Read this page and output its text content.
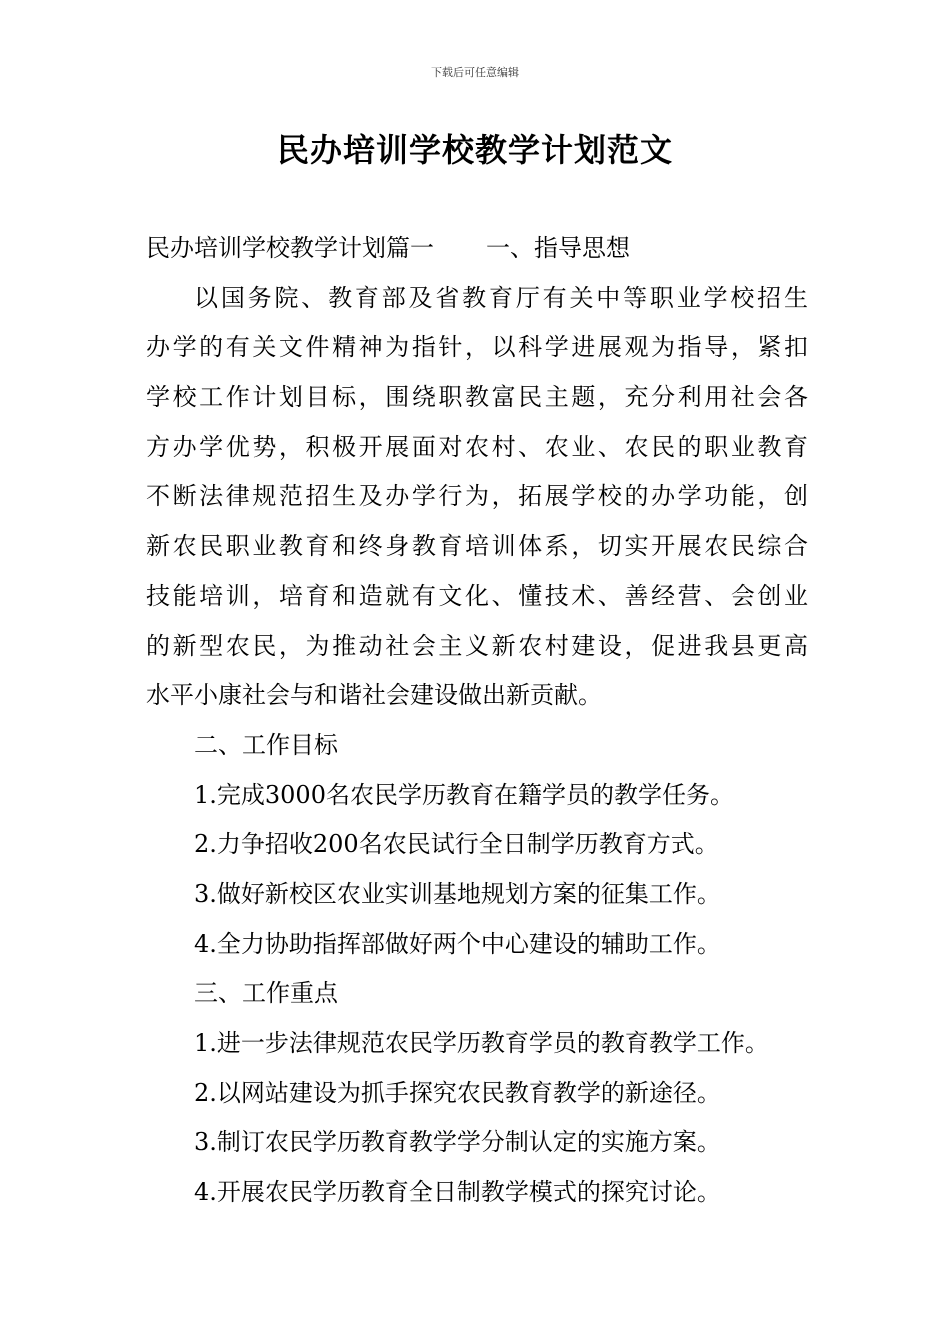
下载后可任意编辑
民办培训学校教学计划范文
民办培训学校教学计划篇一 一、指导思想
以国务院、教育部及省教育厅有关中等职业学校招生
办学的有关文件精神为指针，以科学进展观为指导，紧扣
学校工作计划目标，围绕职教富民主题，充分利用社会各
方办学优势，积极开展面对农村、农业、农民的职业教育
不断法律规范招生及办学行为，拓展学校的办学功能，创
新农民职业教育和终身教育培训体系，切实开展农民综合
技能培训，培育和造就有文化、懂技术、善经营、会创业
的新型农民，为推动社会主义新农村建设，促进我县更高
水平小康社会与和谐社会建设做出新贡献。
二、工作目标
1.完成3000名农民学历教育在籍学员的教学任务。
2.力争招收200名农民试行全日制学历教育方式。
3.做好新校区农业实训基地规划方案的征集工作。
4.全力协助指挥部做好两个中心建设的辅助工作。
三、工作重点
1.进一步法律规范农民学历教育学员的教育教学工作。
2.以网站建设为抓手探究农民教育教学的新途径。
3.制订农民学历教育教学学分制认定的实施方案。
4.开展农民学历教育全日制教学模式的探究讨论。
